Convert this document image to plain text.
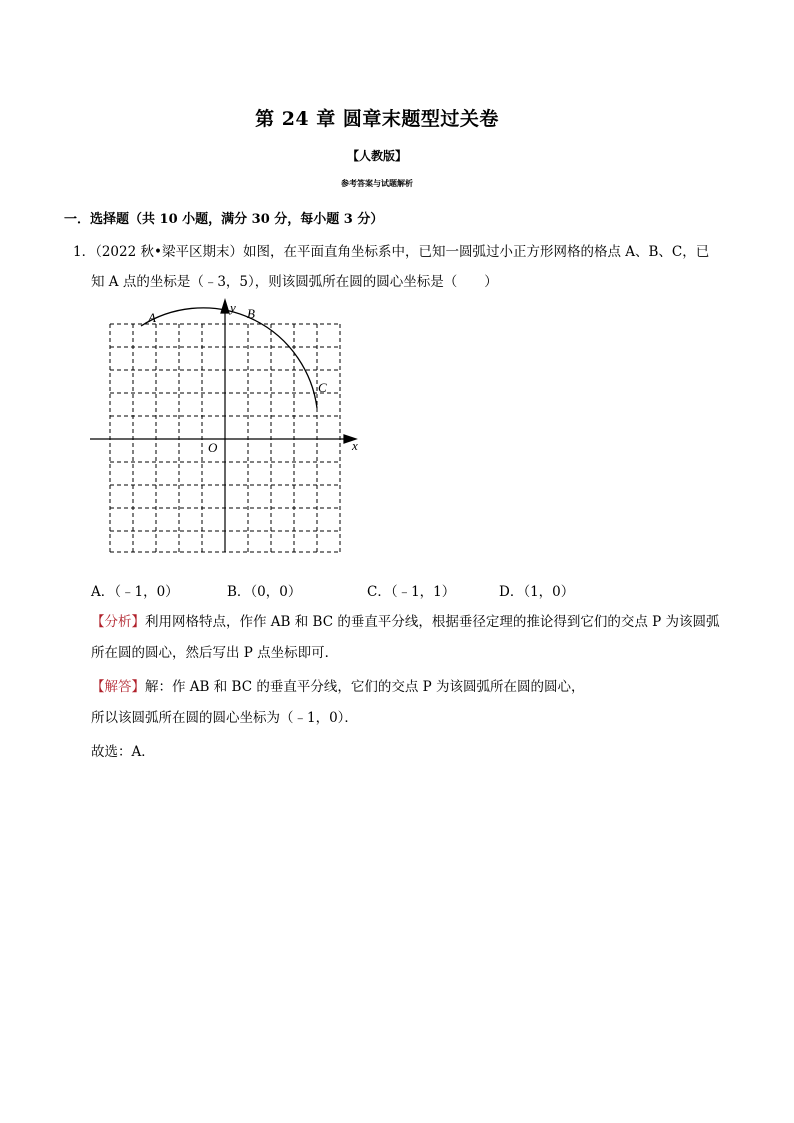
第 24 章 圆章末题型过关卷
【人教版】
参考答案与试题解析
一．选择题（共 10 小题，满分 30 分，每小题 3 分）
1．（2022 秋•梁平区期末）如图，在平面直角坐标系中，已知一圆弧过小正方形网格的格点 A、B、C，已
知 A 点的坐标是（﹣3，5），则该圆弧所在圆的圆心坐标是（　　）
x
y
O
A	B
C
A．（﹣1，0）	B．（0，0）	C．（﹣1，1）	D．（1，0）
【分析】利用网格特点，作作 AB 和 BC 的垂直平分线，根据垂径定理的推论得到它们的交点 P 为该圆弧
所在圆的圆心，然后写出 P 点坐标即可．
【解答】解：作 AB 和 BC 的垂直平分线，它们的交点 P 为该圆弧所在圆的圆心，
所以该圆弧所在圆的圆心坐标为（﹣1，0）．
故选：A．
